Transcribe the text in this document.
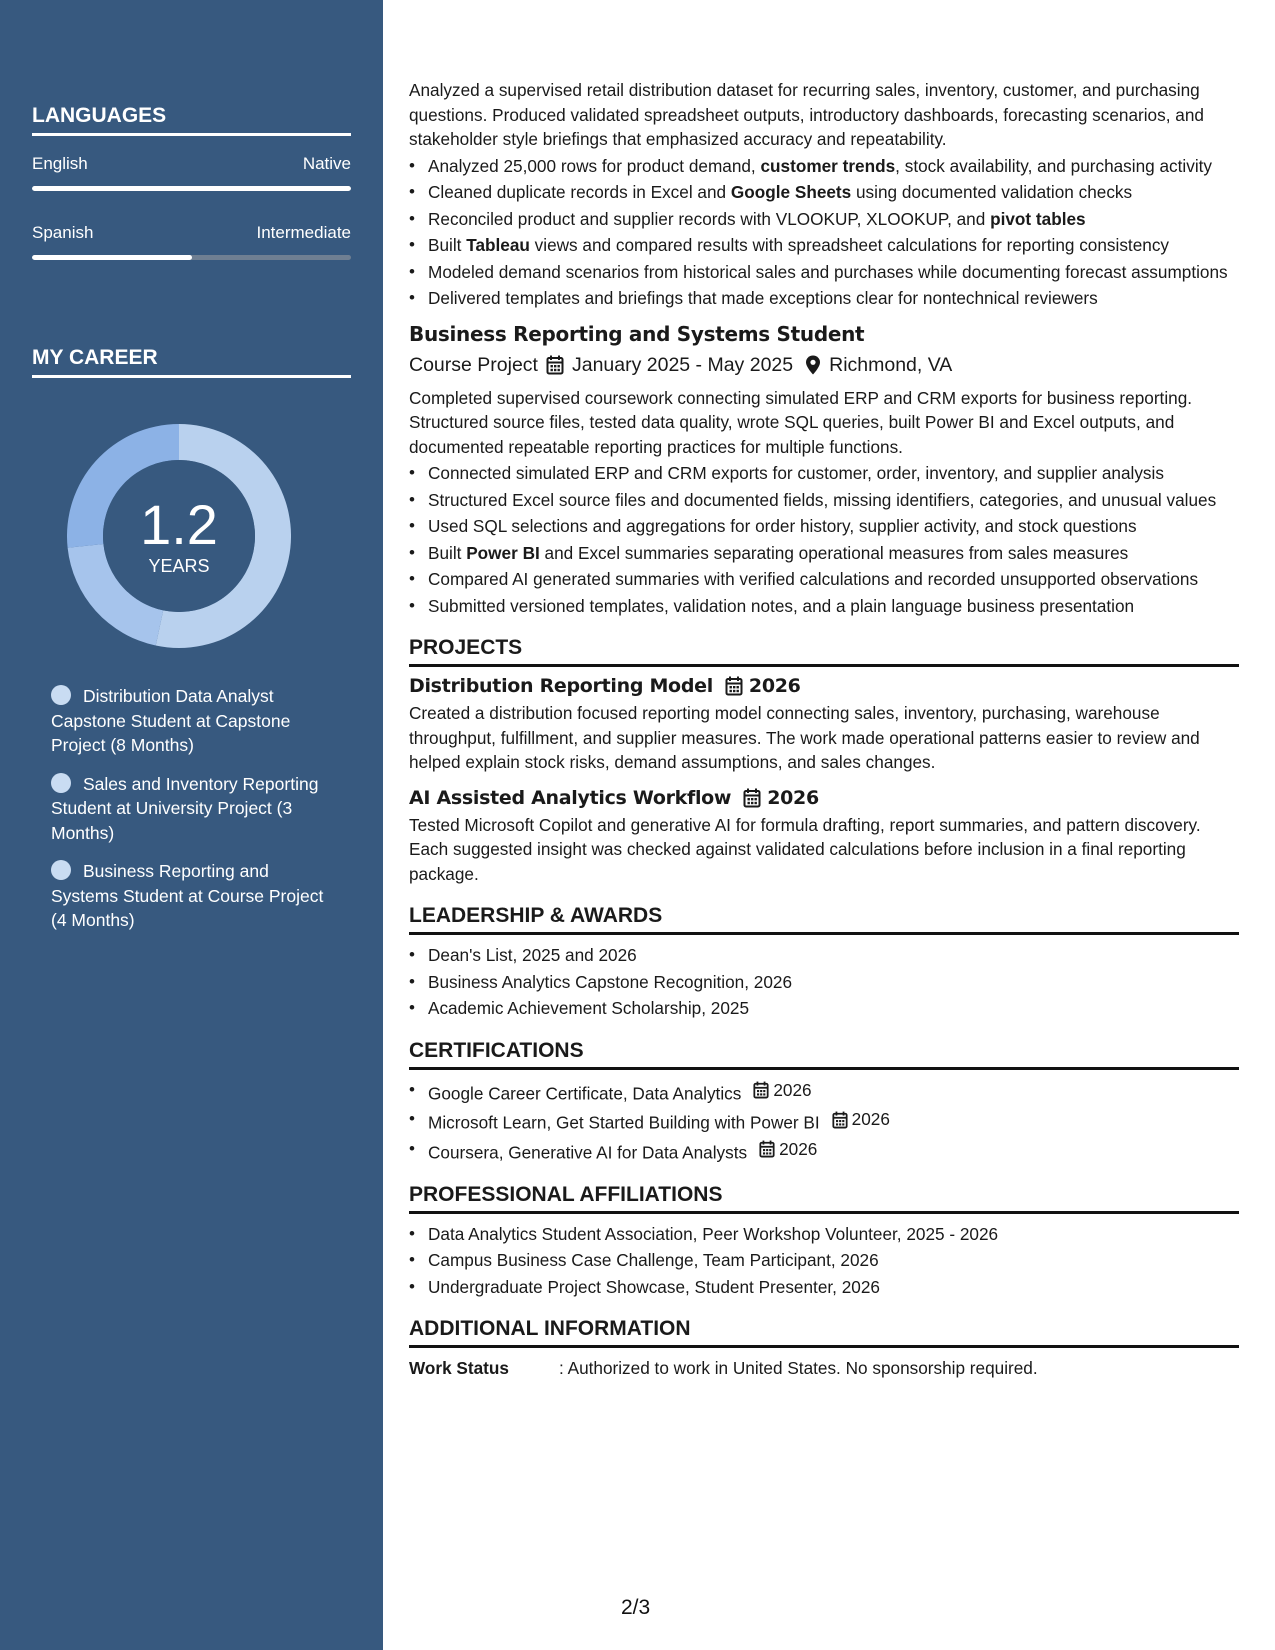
LANGUAGES
English	Native
Spanish	Intermediate
MY CAREER
1.2
YEARS
Distribution Data Analyst Capstone Student at Capstone Project (8 Months)
Sales and Inventory Reporting Student at University Project (3 Months)
Business Reporting and Systems Student at Course Project (4 Months)

Analyzed a supervised retail distribution dataset for recurring sales, inventory, customer, and purchasing questions. Produced validated spreadsheet outputs, introductory dashboards, forecasting scenarios, and stakeholder style briefings that emphasized accuracy and repeatability.

• Analyzed 25,000 rows for product demand, customer trends, stock availability, and purchasing activity
• Cleaned duplicate records in Excel and Google Sheets using documented validation checks
• Reconciled product and supplier records with VLOOKUP, XLOOKUP, and pivot tables
• Built Tableau views and compared results with spreadsheet calculations for reporting consistency
• Modeled demand scenarios from historical sales and purchases while documenting forecast assumptions
• Delivered templates and briefings that made exceptions clear for nontechnical reviewers
Business Reporting and Systems Student
Course Project January 2025 - May 2025 Richmond, VA

Completed supervised coursework connecting simulated ERP and CRM exports for business reporting. Structured source files, tested data quality, wrote SQL queries, built Power BI and Excel outputs, and documented repeatable reporting practices for multiple functions.

• Connected simulated ERP and CRM exports for customer, order, inventory, and supplier analysis
• Structured Excel source files and documented fields, missing identifiers, categories, and unusual values
• Used SQL selections and aggregations for order history, supplier activity, and stock questions
• Built Power BI and Excel summaries separating operational measures from sales measures
• Compared AI generated summaries with verified calculations and recorded unsupported observations
• Submitted versioned templates, validation notes, and a plain language business presentation
PROJECTS
Distribution Reporting Model 2026

Created a distribution focused reporting model connecting sales, inventory, purchasing, warehouse throughput, fulfillment, and supplier measures. The work made operational patterns easier to review and helped explain stock risks, demand assumptions, and sales changes.

AI Assisted Analytics Workflow 2026

Tested Microsoft Copilot and generative AI for formula drafting, report summaries, and pattern discovery. Each suggested insight was checked against validated calculations before inclusion in a final reporting package.

LEADERSHIP & AWARDS
• Dean's List, 2025 and 2026
• Business Analytics Capstone Recognition, 2026
• Academic Achievement Scholarship, 2025
CERTIFICATIONS
• Google Career Certificate, Data Analytics 2026
• Microsoft Learn, Get Started Building with Power BI 2026
• Coursera, Generative AI for Data Analysts 2026
PROFESSIONAL AFFILIATIONS
• Data Analytics Student Association, Peer Workshop Volunteer, 2025 - 2026
• Campus Business Case Challenge, Team Participant, 2026
• Undergraduate Project Showcase, Student Presenter, 2026
ADDITIONAL INFORMATION
Work Status	: Authorized to work in United States. No sponsorship required.
2/3
